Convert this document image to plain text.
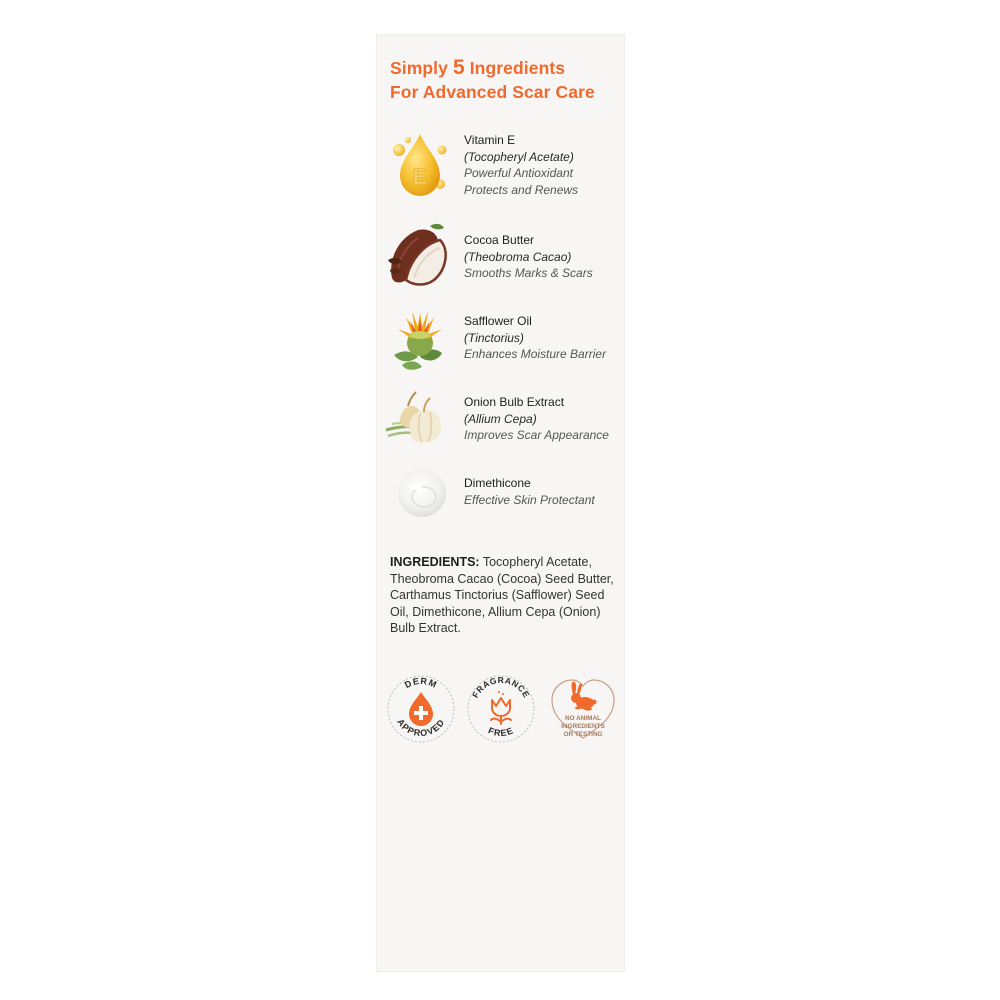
Simply 5 Ingredients
For Advanced Scar Care
E
Vitamin E
(Tocopheryl Acetate)
Powerful Antioxidant
Protects and Renews
Cocoa Butter
(Theobroma Cacao)
Smooths Marks & Scars
Safflower Oil
(Tinctorius)
Enhances Moisture Barrier
Onion Bulb Extract
(Allium Cepa)
Improves Scar Appearance
Dimethicone
Effective Skin Protectant
INGREDIENTS: Tocopheryl Acetate, Theobroma Cacao (Cocoa) Seed Butter, Carthamus Tinctorius (Safflower) Seed Oil, Dimethicone, Allium Cepa (Onion) Bulb Extract.
DERM
APPROVED
FRAGRANCE
FREE
NO ANIMAL
INGREDIENTS
OR TESTING
